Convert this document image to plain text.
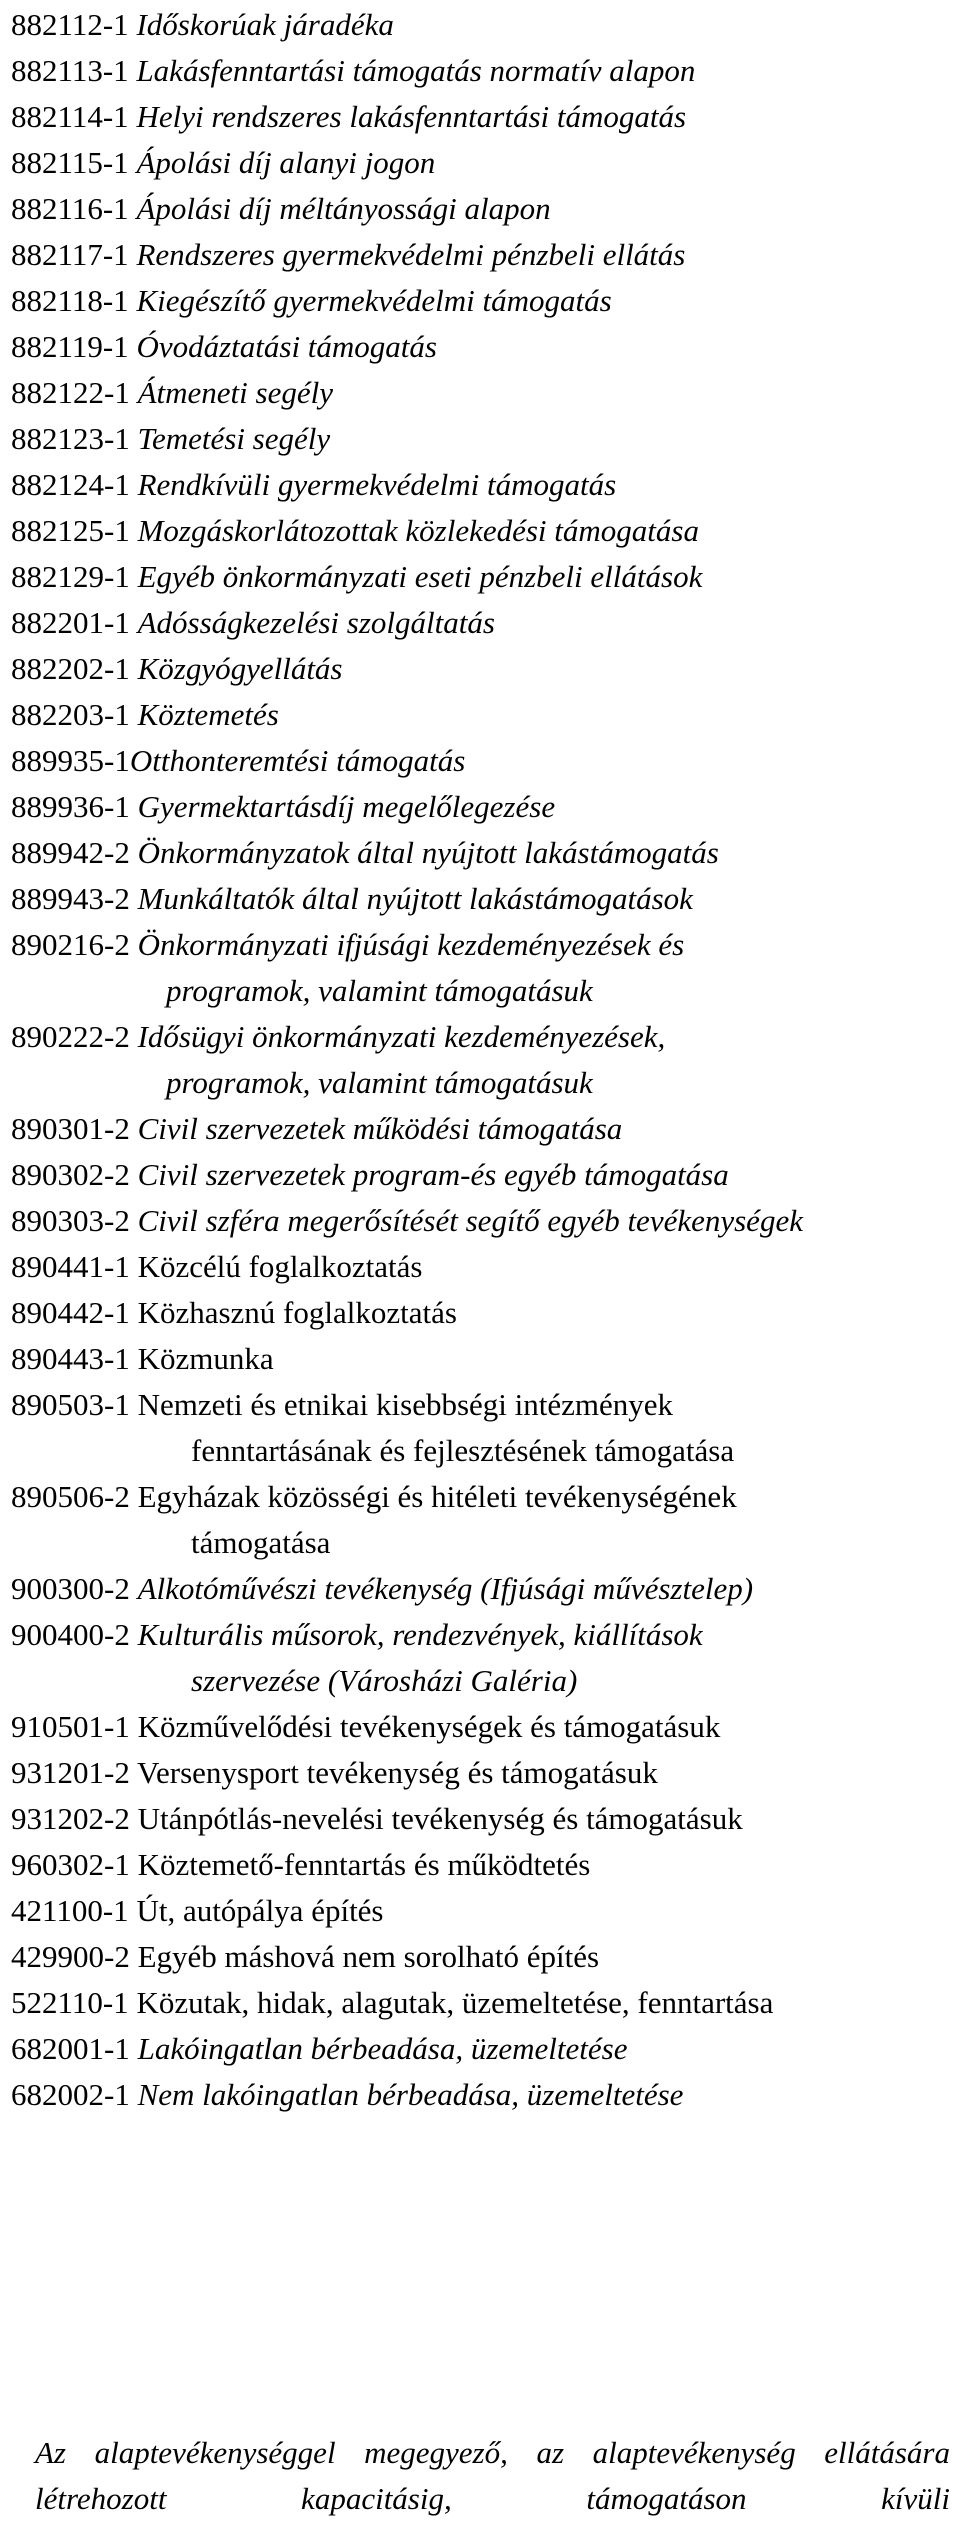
882112-1 Időskorúak járadéka
882113-1 Lakásfenntartási támogatás normatív alapon
882114-1 Helyi rendszeres lakásfenntartási támogatás
882115-1 Ápolási díj alanyi jogon
882116-1 Ápolási díj méltányossági alapon
882117-1 Rendszeres gyermekvédelmi pénzbeli ellátás
882118-1 Kiegészítő gyermekvédelmi támogatás
882119-1 Óvodáztatási támogatás
882122-1 Átmeneti segély
882123-1 Temetési segély
882124-1 Rendkívüli gyermekvédelmi támogatás
882125-1 Mozgáskorlátozottak közlekedési támogatása
882129-1 Egyéb önkormányzati eseti pénzbeli ellátások
882201-1 Adósságkezelési szolgáltatás
882202-1 Közgyógyellátás
882203-1 Köztemetés
889935-1Otthonteremtési támogatás
889936-1 Gyermektartásdíj megelőlegezése
889942-2 Önkormányzatok által nyújtott lakástámogatás
889943-2 Munkáltatók által nyújtott lakástámogatások
890216-2 Önkormányzati ifjúsági kezdeményezések és
programok, valamint támogatásuk
890222-2 Idősügyi önkormányzati kezdeményezések,
programok, valamint támogatásuk
890301-2 Civil szervezetek működési támogatása
890302-2 Civil szervezetek program-és egyéb támogatása
890303-2 Civil szféra megerősítését segítő egyéb tevékenységek
890441-1 Közcélú foglalkoztatás
890442-1 Közhasznú foglalkoztatás
890443-1 Közmunka
890503-1 Nemzeti és etnikai kisebbségi intézmények
fenntartásának és fejlesztésének támogatása
890506-2 Egyházak közösségi és hitéleti tevékenységének
támogatása
900300-2 Alkotóművészi tevékenység (Ifjúsági művésztelep)
900400-2 Kulturális műsorok, rendezvények, kiállítások
szervezése (Városházi Galéria)
910501-1 Közművelődési tevékenységek és támogatásuk
931201-2 Versenysport tevékenység és támogatásuk
931202-2 Utánpótlás-nevelési tevékenység és támogatásuk
960302-1 Köztemető-fenntartás és működtetés
421100-1 Út, autópálya építés
429900-2 Egyéb máshová nem sorolható építés
522110-1 Közutak, hidak, alagutak, üzemeltetése, fenntartása
682001-1 Lakóingatlan bérbeadása, üzemeltetése
682002-1 Nem lakóingatlan bérbeadása, üzemeltetése
Az alaptevékenységgel megegyező, az alaptevékenység ellátására létrehozott kapacitásig, támogatáson kívüli
